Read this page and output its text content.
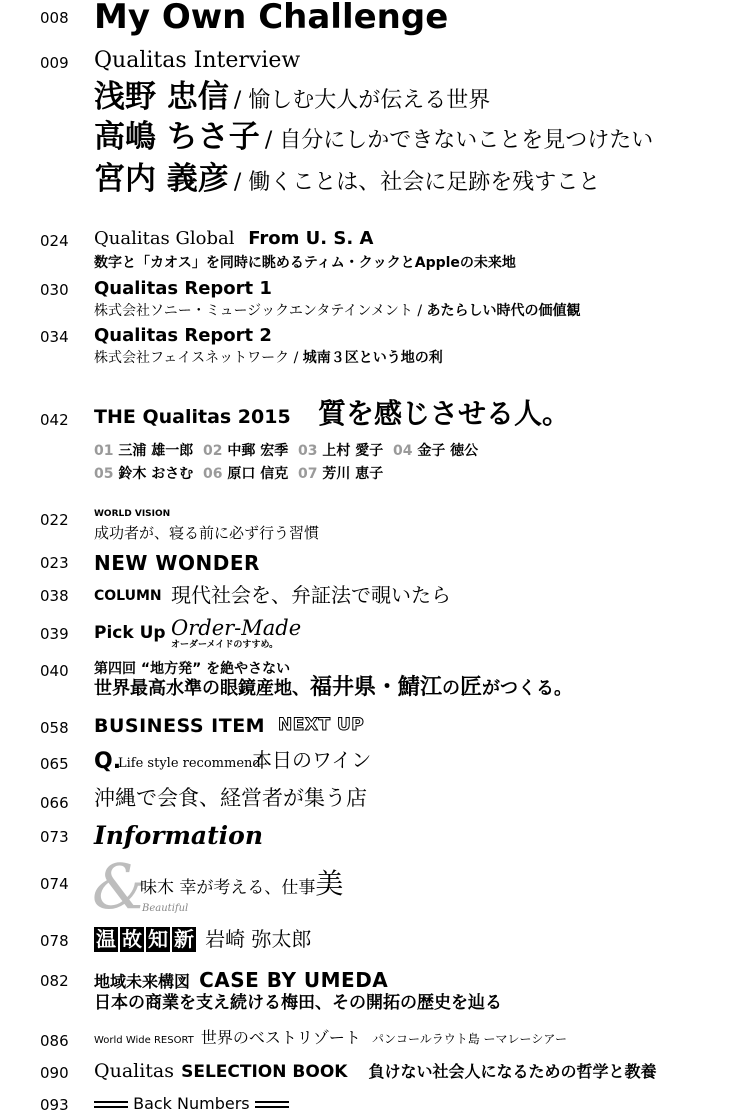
008 My Own Challenge
009 Qualitas Interview
浅野 忠信 / 愉しむ大人が伝える世界
高嶋 ちさ子 / 自分にしかできないことを見つけたい
宮内 義彦 / 働くことは、社会に足跡を残すこと
024 Qualitas Global From U. S. A
数字と「カオス」を同時に眺めるティム・クックとAppleの未来地
030 Qualitas Report 1
株式会社ソニー・ミュージックエンタテインメント / あたらしい時代の価値観
034 Qualitas Report 2
株式会社フェイスネットワーク / 城南３区という地の利
042 THE Qualitas 2015 質を感じさせる人。
01 三浦 雄一郎 02 中郵 宏季 03 上村 愛子 04 金子 徳公
05 鈴木 おさむ 06 原口 信克 07 芳川 恵子
022	WORLD VISION
成功者が、寝る前に必ず行う習慣
023 NEW WONDER
038 COLUMN 現代社会を、弁証法で覗いたら
039 Pick Up Order-Made
オーダーメイドのすすめ。
040 第四回 “地方発” を絶やさない
世界最高水準の眼鏡産地、福井県・鯖江の匠がつくる。
058 BUSINESS ITEM NEXT UP
065 Q.
Life style recommend
本日のワイン
066 沖縄で会食、経営者が集う店
073 Information
074 &
Beautiful
味木 幸が考える、仕事美
078 温 故 知 新 岩崎 弥太郎
082 地域未来構図 CASE BY UMEDA
日本の商業を支え続ける梅田、その開拓の歴史を辿る
086	World Wide RESORT 世界のベストリゾート パンコールラウト島 ーマレーシアー
090 Qualitas SELECTION BOOK 負けない社会人になるための哲学と教養
093	Back Numbers
